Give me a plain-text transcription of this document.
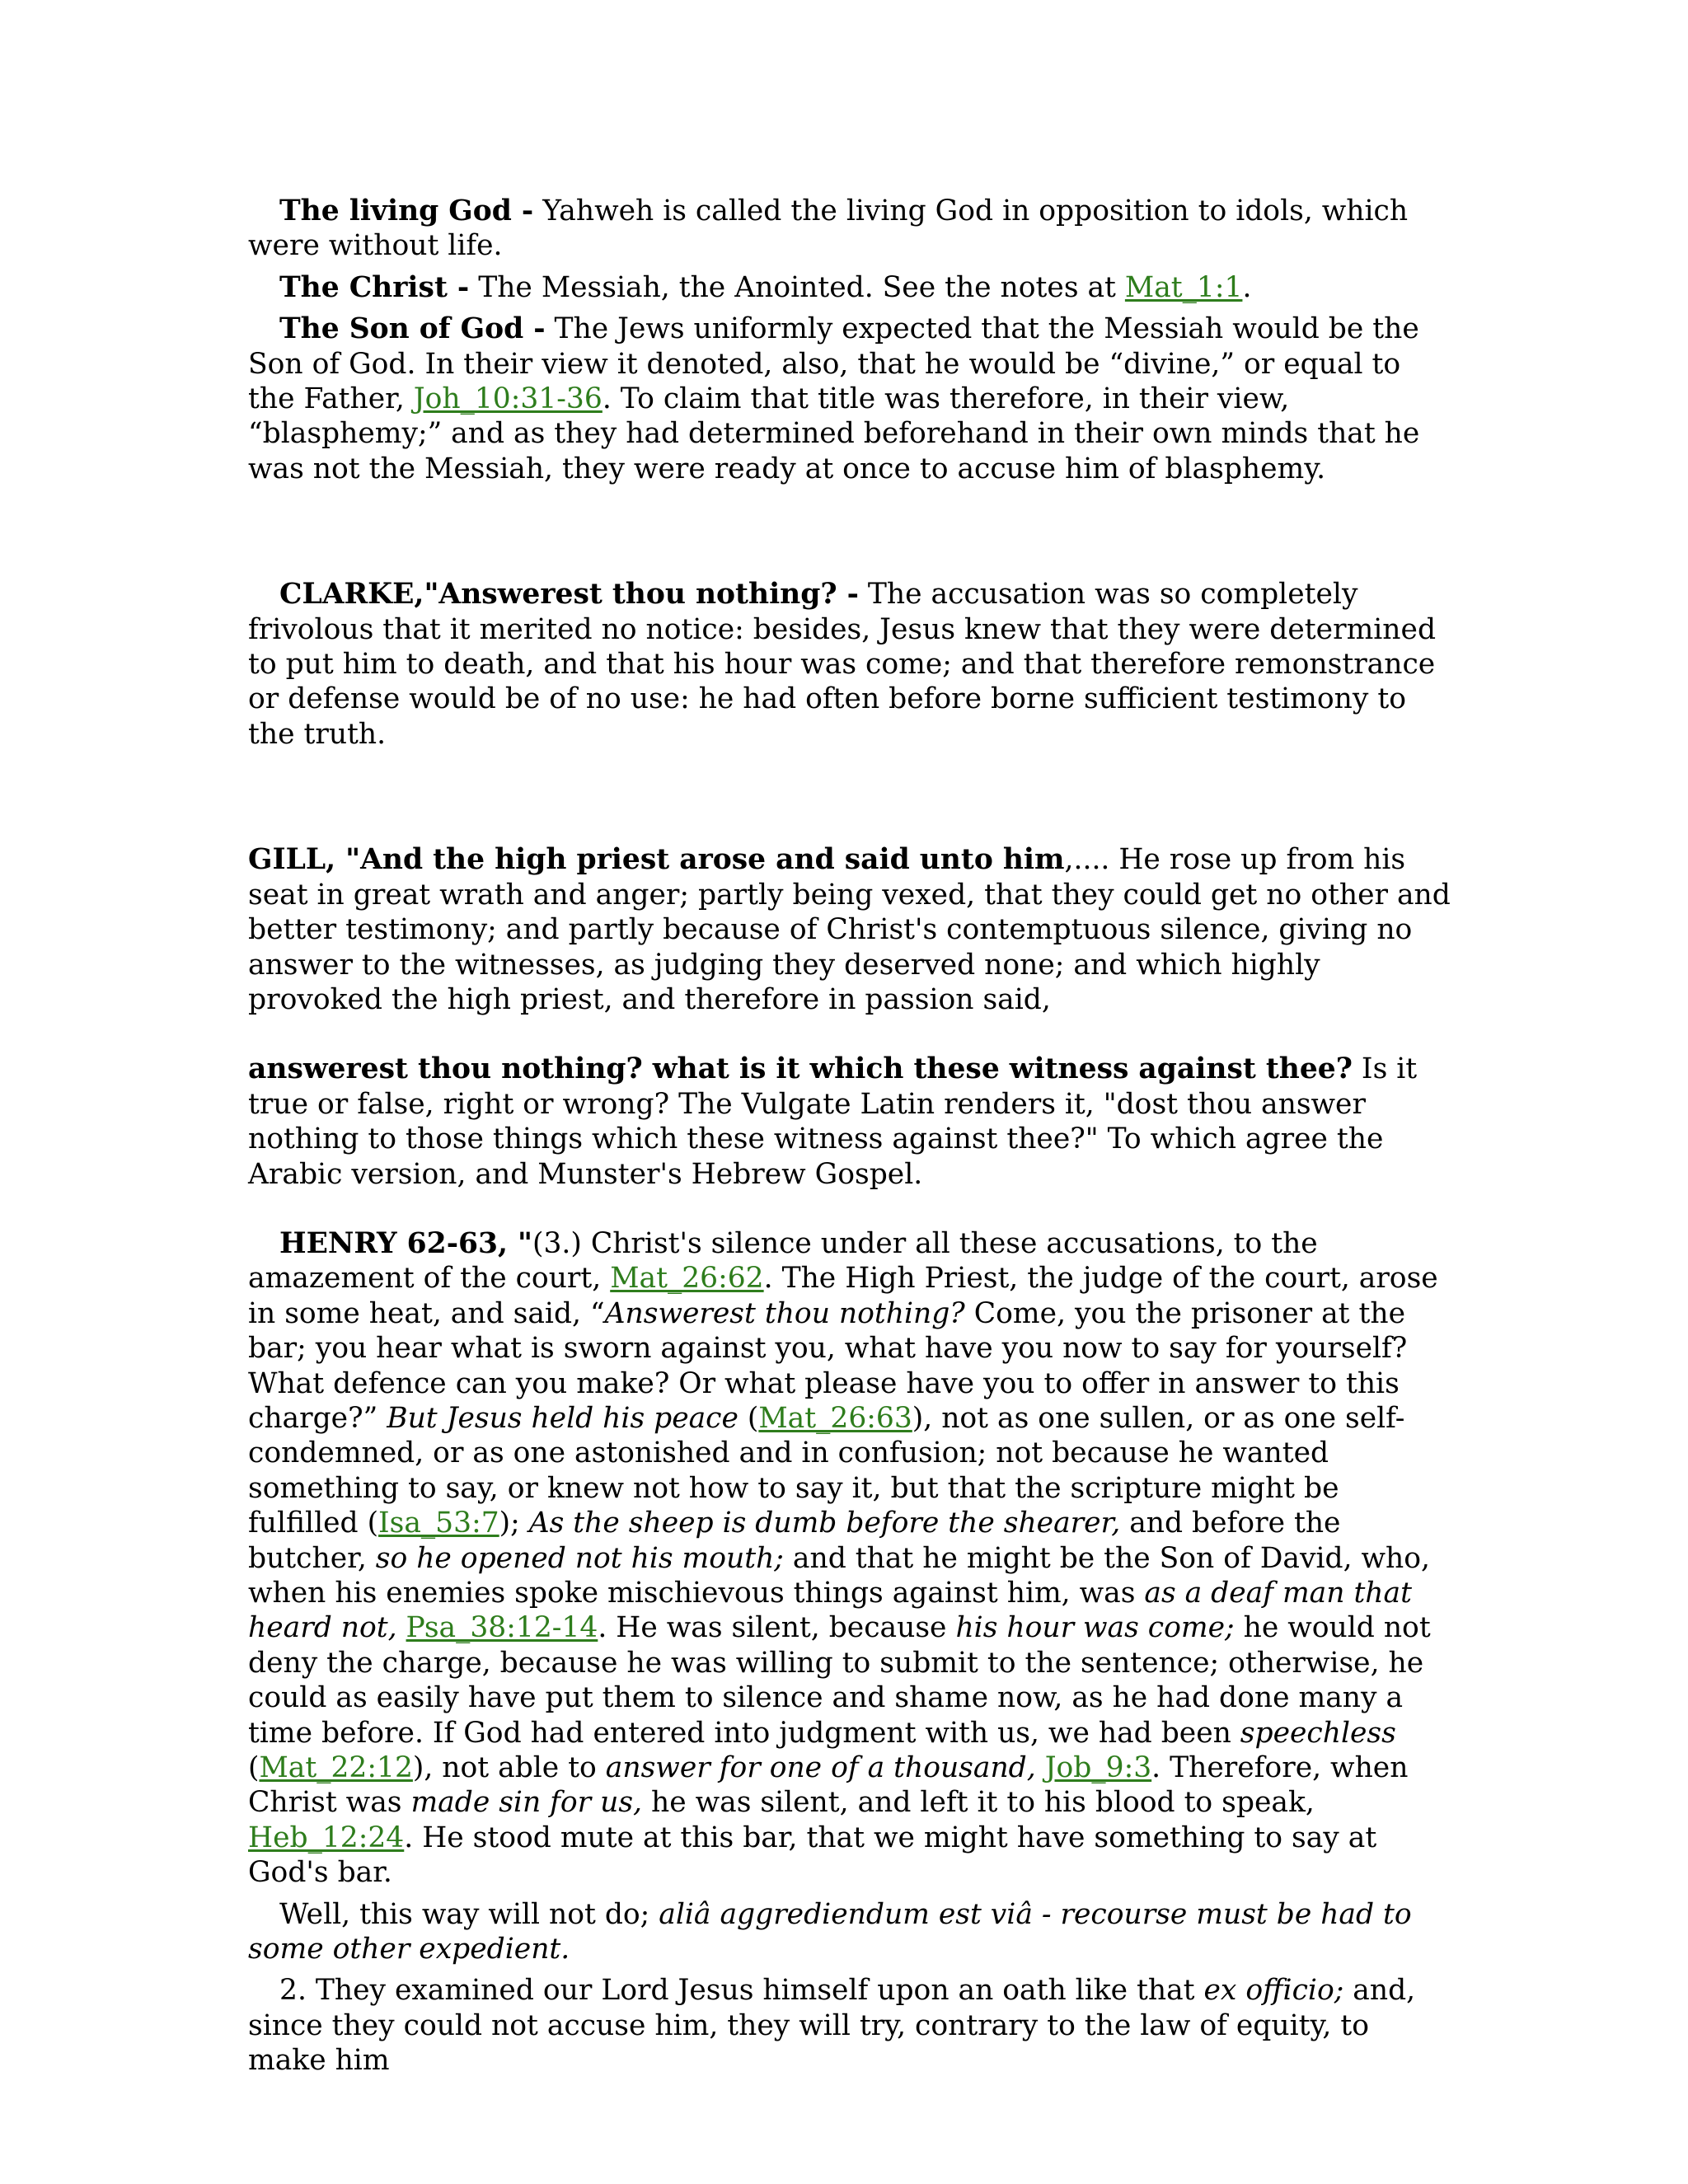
The living God - Yahweh is called the living God in opposition to idols, which were without life.

The Christ - The Messiah, the Anointed. See the notes at Mat_1:1.

The Son of God - The Jews uniformly expected that the Messiah would be the Son of God. In their view it denoted, also, that he would be “divine,” or equal to the Father, Joh_10:31-36. To claim that title was therefore, in their view, “blasphemy;” and as they had determined beforehand in their own minds that he was not the Messiah, they were ready at once to accuse him of blasphemy.

CLARKE,"Answerest thou nothing? - The accusation was so completely frivolous that it merited no notice: besides, Jesus knew that they were determined to put him to death, and that his hour was come; and that therefore remonstrance or defense would be of no use: he had often before borne sufficient testimony to the truth.

GILL, "And the high priest arose and said unto him,.... He rose up from his seat in great wrath and anger; partly being vexed, that they could get no other and better testimony; and partly because of Christ's contemptuous silence, giving no answer to the witnesses, as judging they deserved none; and which highly provoked the high priest, and therefore in passion said,

answerest thou nothing? what is it which these witness against thee? Is it true or false, right or wrong? The Vulgate Latin renders it, "dost thou answer nothing to those things which these witness against thee?" To which agree the Arabic version, and Munster's Hebrew Gospel.

HENRY 62-63, "(3.) Christ's silence under all these accusations, to the amazement of the court, Mat_26:62. The High Priest, the judge of the court, arose in some heat, and said, “Answerest thou nothing? Come, you the prisoner at the bar; you hear what is sworn against you, what have you now to say for yourself? What defence can you make? Or what please have you to offer in answer to this charge?” But Jesus held his peace (Mat_26:63), not as one sullen, or as one self-condemned, or as one astonished and in confusion; not because he wanted something to say, or knew not how to say it, but that the scripture might be fulfilled (Isa_53:7); As the sheep is dumb before the shearer, and before the butcher, so he opened not his mouth; and that he might be the Son of David, who, when his enemies spoke mischievous things against him, was as a deaf man that heard not, Psa_38:12-14. He was silent, because his hour was come; he would not deny the charge, because he was willing to submit to the sentence; otherwise, he could as easily have put them to silence and shame now, as he had done many a time before. If God had entered into judgment with us, we had been speechless (Mat_22:12), not able to answer for one of a thousand, Job_9:3. Therefore, when Christ was made sin for us, he was silent, and left it to his blood to speak, Heb_12:24. He stood mute at this bar, that we might have something to say at God's bar.

Well, this way will not do; aliâ aggrediendum est viâ - recourse must be had to some other expedient.

2. They examined our Lord Jesus himself upon an oath like that ex officio; and, since they could not accuse him, they will try, contrary to the law of equity, to make him
